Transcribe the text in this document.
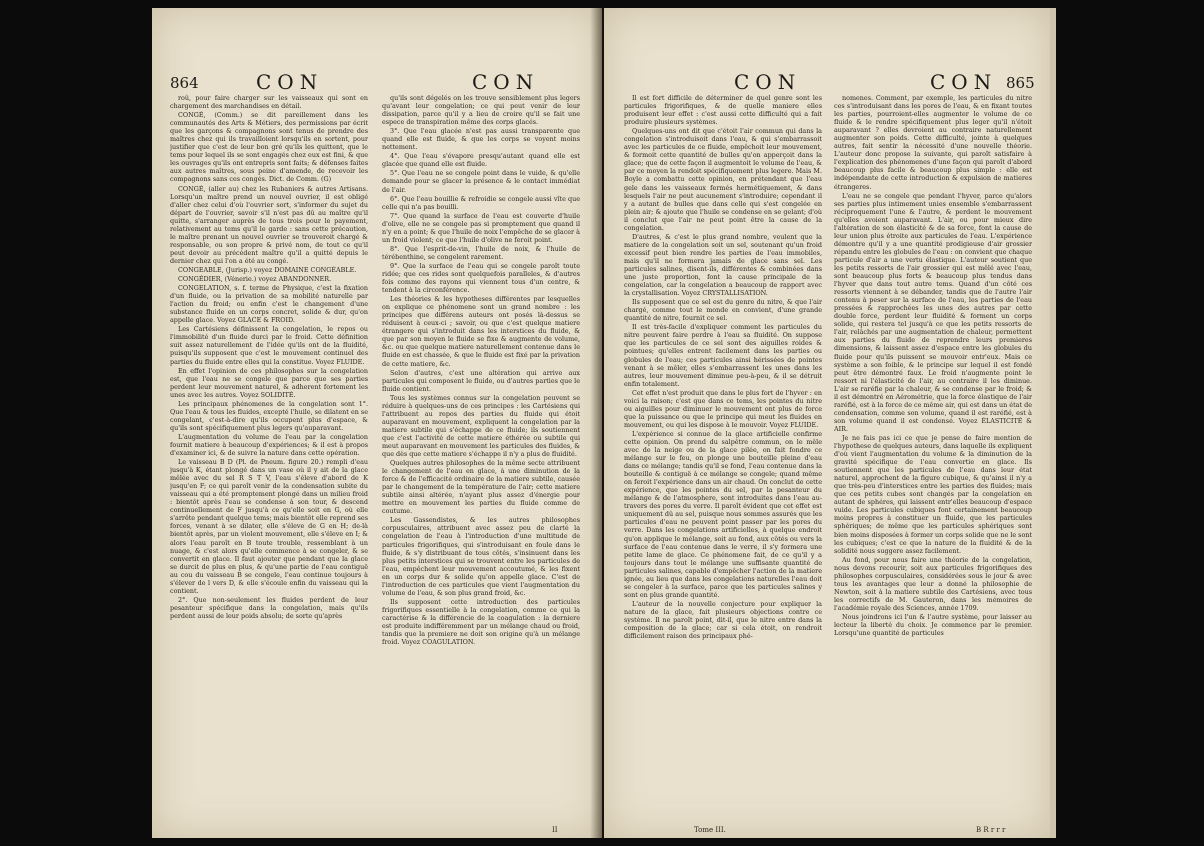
864	CON	CON

roû, pour faire charger sur les vaisseaux qui sont en chargement des marchandises en détail.

CONGÉ, (Comm.) se dit pareillement dans les communautés des Arts & Métiers, des permissions par écrit que les garçons & compagnons sont tenus de prendre des maîtres chez qui ils travailloient lorsqu'ils en sortent, pour justifier que c'est de leur bon gré qu'ils les quittent, que le tems pour lequel ils se sont engagés chez eux est fini, & que les ouvrages qu'ils ont entrepris sont faits; & défenses faites aux autres maîtres, sous peine d'amende, de recevoir les compagnons sans ces congés. Dict. de Comm. (G)

CONGÉ, (aller au) chez les Rubaniers & autres Artisans. Lorsqu'un maître prend un nouvel ouvrier, il est obligé d'aller chez celui d'où l'ouvrier sort, s'informer du sujet du départ de l'ouvrier, savoir s'il n'est pas dû au maître qu'il quitte, s'arranger auprès de tous trois pour le payement, relativement au tems qu'il le garde : sans cette précaution, le maître prenant un nouvel ouvrier se trouveroit chargé & responsable, ou son propre & privé nom, de tout ce qu'il peut devoir au précédent maître qu'il a quitté depuis le dernier chez qui l'on a été au congé.

CONGEABLE, (Jurisp.) voyez DOMAINE CONGÉABLE.

CONGÉDIER, (Vénerie.) voyez ABANDONNER.

CONGELATION, s. f. terme de Physique, c'est la fixation d'un fluide, ou la privation de sa mobilité naturelle par l'action du froid; ou enfin c'est le changement d'une substance fluide en un corps concret, solide & dur, qu'on appelle glace. Voyez GLACE & FROID.

Les Cartésiens définissent la congelation, le repos ou l'immobilité d'un fluide durci par le froid. Cette définition suit assez naturellement de l'idée qu'ils ont de la fluidité, puisqu'ils supposent que c'est le mouvement continuel des parties du fluide entre elles qui la constitue. Voyez FLUIDE.

En effet l'opinion de ces philosophes sur la congelation est, que l'eau ne se congele que parce que ses parties perdent leur mouvement naturel, & adherent fortement les unes avec les autres. Voyez SOLIDITÉ.

Les principaux phénomenes de la congelation sont 1°. Que l'eau & tous les fluides, excepté l'huile, se dilatent en se congelant, c'est-à-dire qu'ils occupent plus d'espace, & qu'ils sont spécifiquement plus legers qu'auparavant.

L'augmentation du volume de l'eau par la congelation fournit matiere à beaucoup d'expériences; & il est à propos d'examiner ici, & de suivre la nature dans cette opération.

Le vaisseau B D (Pl. de Pneum. figure 20.) rempli d'eau jusqu'à K, étant plongé dans un vase où il y ait de la glace mêlée avec du sel R S T V, l'eau s'éleve d'abord de K jusqu'en F; ce qui paroît venir de la condensation subite du vaisseau qui a été promptement plongé dans un milieu froid : bientôt après l'eau se condense à son tour, & descend continuellement de F jusqu'à ce qu'elle soit en G, où elle s'arrête pendant quelque tems; mais bientôt elle reprend ses forces, venant à se dilater, elle s'éleve de G en H; de-là bientôt après, par un violent mouvement, elle s'éleve en I; & alors l'eau paroît en B toute trouble, ressemblant à un nuage, & c'est alors qu'elle commence à se congeler, & se convertit en glace. Il faut ajouter que pendant que la glace se durcit de plus en plus, & qu'une partie de l'eau contiguë au cou du vaisseau B se congele, l'eau continue toujours à s'élever de l vers D, & elle s'écoule enfin du vaisseau qui la contient.

2°. Que non-seulement les fluides perdent de leur pesanteur spécifique dans la congelation, mais qu'ils perdent aussi de leur poids absolu; de sorte qu'après

qu'ils sont dégelés on les trouve sensiblement plus legers qu'avant leur congelation; ce qui peut venir de leur dissipation, parce qu'il y a lieu de croire qu'il se fait une espece de transpiration même des corps glacés.

3°. Que l'eau glacée n'est pas aussi transparente que quand elle est fluide, & que les corps se voyent moins nettement.

4°. Que l'eau s'évapore presqu'autant quand elle est glacée que quand elle est fluide.

5°. Que l'eau ne se congele point dans le vuide, & qu'elle demande pour se glacer la présence & le contact immédiat de l'air.

6°. Que l'eau bouillie & refroidie se congele aussi vîte que celle qui n'a pas bouilli.

7°. Que quand la surface de l'eau est couverte d'huile d'olive, elle ne se congele pas si promptement que quand il n'y en a point; & que l'huile de noix l'empêche de se glacer à un froid violent; ce que l'huile d'olive ne feroit point.

8°. Que l'esprit-de-vin, l'huile de noix, & l'huile de térébenthine, se congelent rarement.

9°. Que la surface de l'eau qui se congele paroît toute ridée; que ces rides sont quelquefois paralleles, & d'autres fois comme des rayons qui viennent tous d'un centre, & tendent à la circonférence.

Les théories & les hypotheses différentes par lesquelles on explique ce phénomene sont un grand nombre : les principes que différens auteurs ont posés là-dessus se réduisent à ceux-ci ; savoir, ou que c'est quelque matiere étrangere qui s'introduit dans les interstices du fluide, & que par son moyen le fluide se fixe & augmente de volume, &c. ou que quelque matiere naturellement contenue dans le fluide en est chassée, & que le fluide est fixé par la privation de cette matiere, &c.

Selon d'autres, c'est une altération qui arrive aux particules qui composent le fluide, ou d'autres parties que le fluide contient.

Tous les systèmes connus sur la congelation peuvent se réduire à quelques-uns de ces principes : les Cartésiens qui l'attribuent au repos des parties du fluide qui étoit auparavant en mouvement, expliquent la congelation par la matiere subtile qui s'échappe de ce fluide; ils soutiennent que c'est l'activité de cette matiere éthérée ou subtile qui meut auparavant en mouvement les particules des fluides, & que dès que cette matiere s'échappe il n'y a plus de fluidité.

Quelques autres philosophes de la même secte attribuent le changement de l'eau en glace, à une diminution de la force & de l'efficacité ordinaire de la matiere subtile, causée par le changement de la température de l'air; cette matiere subtile ainsi altérée, n'ayant plus assez d'énergie pour mettre en mouvement les parties du fluide comme de coutume.

Les Gassendistes, & les autres philosophes corpusculaires, attribuent avec assez peu de clarté la congelation de l'eau à l'introduction d'une multitude de particules frigorifiques, qui s'introduisant en foule dans le fluide, & s'y distribuant de tous côtés, s'insinuent dans les plus petits interstices qui se trouvent entre les particules de l'eau, empêchent leur mouvement accoutumé, & les fixent en un corps dur & solide qu'on appelle glace. C'est de l'introduction de ces particules que vient l'augmentation du volume de l'eau, & son plus grand froid, &c.

Ils supposent cette introduction des particules frigorifiques essentielle à la congelation, comme ce qui la caractérise & la différencie de la coagulation : la derniere est produite indifféremment par un mélange chaud ou froid, tandis que la premiere ne doit son origine qu'à un mélange froid. Voyez COAGULATION.

II
CON	CON 865

Il est fort difficile de déterminer de quel genre sont les particules frigorifiques, & de quelle maniere elles produisent leur effet : c'est aussi cette difficulté qui a fait produire plusieurs systèmes.

Quelques-uns ont dit que c'étoit l'air commun qui dans la congelation s'introduisoit dans l'eau, & qui s'embarrassoit avec les particules de ce fluide, empêchoit leur mouvement, & formoit cette quantité de bulles qu'on apperçoit dans la glace; que de cette façon il augmentoit le volume de l'eau, & par ce moyen la rendoit spécifiquement plus legere. Mais M. Boyle a combattu cette opinion, en prétendant que l'eau gele dans les vaisseaux fermés hermétiquement, & dans lesquels l'air ne peut aucunement s'introduire; cependant il y a autant de bulles que dans celle qui s'est congelée en plein air; & ajoute que l'huile se condense en se gelant; d'où il conclut que l'air ne peut point être la cause de la congelation.

D'autres, & c'est le plus grand nombre, veulent que la matiere de la congelation soit un sel, soutenant qu'un froid excessif peut bien rendre les parties de l'eau immobiles, mais qu'il ne formera jamais de glace sans sel. Les particules salines, disent-ils, différentes & combinées dans une juste proportion, font la cause principale de la congelation, car la congelation a beaucoup de rapport avec la crystallisation. Voyez CRYSTALLISATION.

Ils supposent que ce sel est du genre du nitre, & que l'air chargé, comme tout le monde en convient, d'une grande quantité de nitre, fournit ce sel.

Il est très-facile d'expliquer comment les particules du nitre peuvent faire perdre à l'eau sa fluidité. On suppose que les particules de ce sel sont des aiguilles roides & pointues; qu'elles entrent facilement dans les parties ou globules de l'eau; ces particules ainsi hérissées de pointes venant à se mêler, elles s'embarrassent les unes dans les autres, leur mouvement diminue peu-à-peu, & il se détruit enfin totalement.

Cet effet n'est produit que dans le plus fort de l'hyver : en voici la raison; c'est que dans ce tems, les pointes du nitre ou aiguilles pour diminuer le mouvement ont plus de force que la puissance ou que le principe qui meut les fluides en mouvement, ou qui les dispose à le mouvoir. Voyez FLUIDE.

L'expérience si connue de la glace artificielle confirme cette opinion. On prend du salpêtre commun, on le mêle avec de la neige ou de la glace pilée, on fait fondre ce mélange sur le feu, on plonge une bouteille pleine d'eau dans ce mélange; tandis qu'il se fond, l'eau contenue dans la bouteille & contiguë à ce mélange se congele; quand même on feroit l'expérience dans un air chaud. On conclut de cette expérience, que les pointes du sel, par la pesanteur du mélange & de l'atmosphere, sont introduites dans l'eau au-travers des pores du verre. Il paroît évident que cet effet est uniquement dû au sel, puisque nous sommes assurés que les particules d'eau ne peuvent point passer par les pores du verre. Dans les congelations artificielles, à quelque endroit qu'on applique le mélange, soit au fond, aux côtés ou vers la surface de l'eau contenue dans le verre, il s'y formera une petite lame de glace. Ce phénomene fait, de ce qu'il y a toujours dans tout le mélange une suffisante quantité de particules salines, capable d'empêcher l'action de la matiere ignée, au lieu que dans les congelations naturelles l'eau doit se congeler à la surface, parce que les particules salines y sont en plus grande quantité.

L'auteur de la nouvelle conjecture pour expliquer la nature de la glace, fait plusieurs objections contre ce système. Il ne paroît point, dit-il, que le nitre entre dans la composition de la glace; car si cela étoit, on rendroit difficilement raison des principaux phé-

nomenes. Comment, par exemple, les particules du nitre ces s'introduisant dans les pores de l'eau, & en fixant toutes les parties, pourroient-elles augmenter le volume de ce fluide & le rendre spécifiquement plus leger qu'il n'étoit auparavant ? elles devroient au contraire naturellement augmenter son poids. Cette difficulté, jointe à quelques autres, fait sentir la nécessité d'une nouvelle théorie. L'auteur donc propose la suivante, qui paroît satisfaire à l'explication des phénomenes d'une façon qui paroît d'abord beaucoup plus facile & beaucoup plus simple : elle est indépendante de cette introduction & expulsion de matieres étrangeres.

L'eau ne se congele que pendant l'hyver, parce qu'alors ses parties plus intimement unies ensemble s'embarrassent réciproquement l'une & l'autre, & perdent le mouvement qu'elles avoient auparavant. L'air, ou pour mieux dire l'altération de son élasticité & de sa force, font la cause de leur union plus étroite aux particules de l'eau. L'expérience démontre qu'il y a une quantité prodigieuse d'air grossier répandu entre les globules de l'eau : on convient que chaque particule d'air a une vertu élastique. L'auteur soutient que les petits ressorts de l'air grossier qui est mêlé avec l'eau, sont beaucoup plus forts & beaucoup plus tendus dans l'hyver que dans tout autre tems. Quand d'un côté ces ressorts viennent à se débander, tandis que de l'autre l'air contenu à peser sur la surface de l'eau, les parties de l'eau pressées & rapprochées les unes des autres par cette double force, perdent leur fluidité & forment un corps solide, qui restera tel jusqu'à ce que les petits ressorts de l'air, relâchés par une augmentation de chaleur, permettent aux parties du fluide de reprendre leurs premieres dimensions, & laissent assez d'espace entre les globules du fluide pour qu'ils puissent se mouvoir entr'eux. Mais ce système a son foible, & le principe sur lequel il est fondé peut être démontré faux. Le froid n'augmente point le ressort ni l'élasticité de l'air, au contraire il les diminue. L'air se raréfie par la chaleur, & se condense par le froid; & il est démontré en Aérométrie, que la force élastique de l'air raréfié, est à la force de ce même air, qui est dans un état de condensation, comme son volume, quand il est raréfié, est à son volume quand il est condensé. Voyez ÉLASTICITÉ & AIR.

Je ne fais pas ici ce que je pense de faire mention de l'hypothese de quelques auteurs, dans laquelle ils expliquent d'où vient l'augmentation du volume & la diminution de la gravité spécifique de l'eau convertie en glace. Ils soutiennent que les particules de l'eau dans leur état naturel, approchent de la figure cubique, & qu'ainsi il n'y a que très-peu d'interstices entre les parties des fluides; mais que ces petits cubes sont changés par la congelation en autant de sphéres, qui laissent entr'elles beaucoup d'espace vuide. Les particules cubiques font certainement beaucoup moins propres à constituer un fluide, que les particules sphériques; de même que les particules sphériques sont bien moins disposées à former un corps solide que ne le sont les cubiques; c'est ce que la nature de la fluidité & de la solidité nous suggere assez facilement.

Au fond, pour nous faire une théorie de la congelation, nous devons recourir, soit aux particules frigorifiques des philosophes corpusculaires, considérées sous le jour & avec tous les avantages que leur a donné la philosophie de Newton, soit à la matiere subtile des Cartésiens, avec tous les correctifs de M. Gauteron, dans les mémoires de l'académie royale des Sciences, année 1709.

Nous joindrons ici l'un & l'autre système, pour laisser au lecteur la liberté du choix. Je commence par le premier. Lorsqu'une quantité de particules

Tome III.	B R r r r
